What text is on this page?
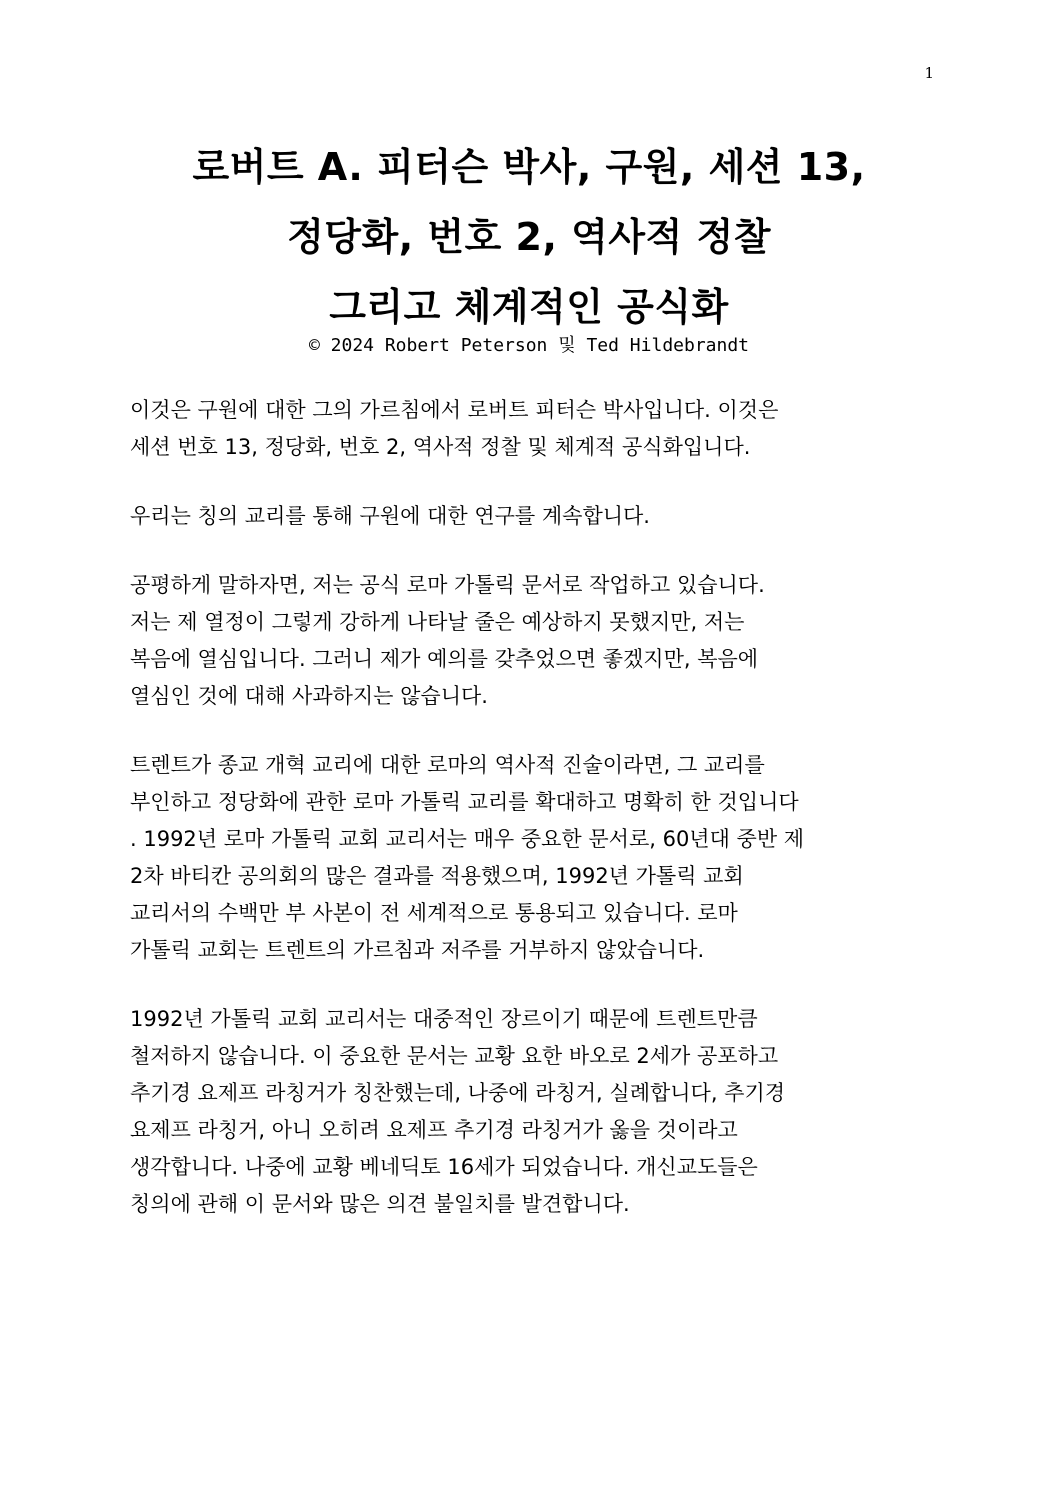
1
로버트 A. 피터슨 박사, 구원, 세션 13,
정당화, 번호 2, 역사적 정찰
그리고 체계적인 공식화
© 2024 Robert Peterson 및 Ted Hildebrandt

이것은 구원에 대한 그의 가르침에서 로버트 피터슨 박사입니다. 이것은
세션 번호 13, 정당화, 번호 2, 역사적 정찰 및 체계적 공식화입니다.

우리는 칭의 교리를 통해 구원에 대한 연구를 계속합니다.

공평하게 말하자면, 저는 공식 로마 가톨릭 문서로 작업하고 있습니다.
저는 제 열정이 그렇게 강하게 나타날 줄은 예상하지 못했지만, 저는
복음에 열심입니다. 그러니 제가 예의를 갖추었으면 좋겠지만, 복음에
열심인 것에 대해 사과하지는 않습니다.

트렌트가 종교 개혁 교리에 대한 로마의 역사적 진술이라면, 그 교리를
부인하고 정당화에 관한 로마 가톨릭 교리를 확대하고 명확히 한 것입니다
. 1992년 로마 가톨릭 교회 교리서는 매우 중요한 문서로, 60년대 중반 제
2차 바티칸 공의회의 많은 결과를 적용했으며, 1992년 가톨릭 교회
교리서의 수백만 부 사본이 전 세계적으로 통용되고 있습니다. 로마
가톨릭 교회는 트렌트의 가르침과 저주를 거부하지 않았습니다.

1992년 가톨릭 교회 교리서는 대중적인 장르이기 때문에 트렌트만큼
철저하지 않습니다. 이 중요한 문서는 교황 요한 바오로 2세가 공포하고
추기경 요제프 라칭거가 칭찬했는데, 나중에 라칭거, 실례합니다, 추기경
요제프 라칭거, 아니 오히려 요제프 추기경 라칭거가 옳을 것이라고
생각합니다. 나중에 교황 베네딕토 16세가 되었습니다. 개신교도들은
칭의에 관해 이 문서와 많은 의견 불일치를 발견합니다.
